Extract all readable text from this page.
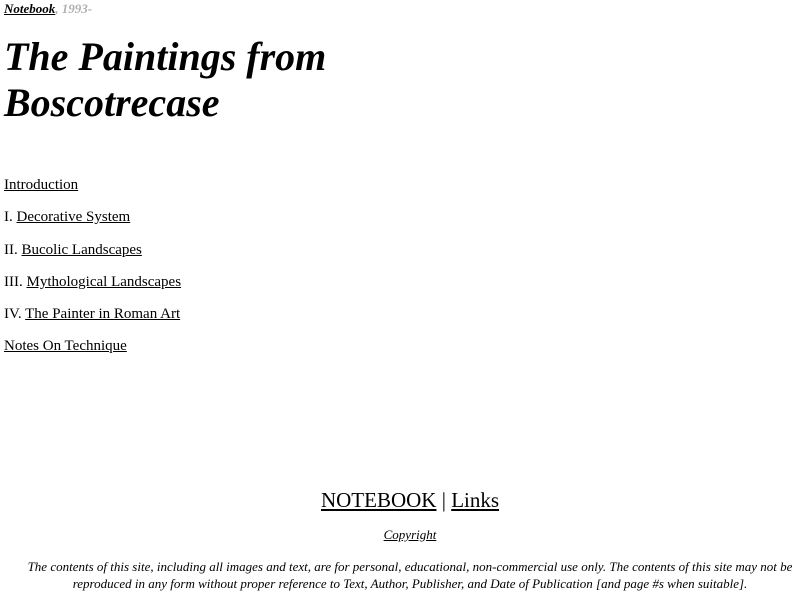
Notebook, 1993-
The Paintings from
Boscotrecase
Introduction
I. Decorative System
II. Bucolic Landscapes
III. Mythological Landscapes
IV. The Painter in Roman Art
Notes On Technique
NOTEBOOK | Links
Copyright

The contents of this site, including all images and text, are for personal, educational, non-commercial use only. The contents of this site may not be reproduced in any form without proper reference to Text, Author, Publisher, and Date of Publication [and page #s when suitable].
